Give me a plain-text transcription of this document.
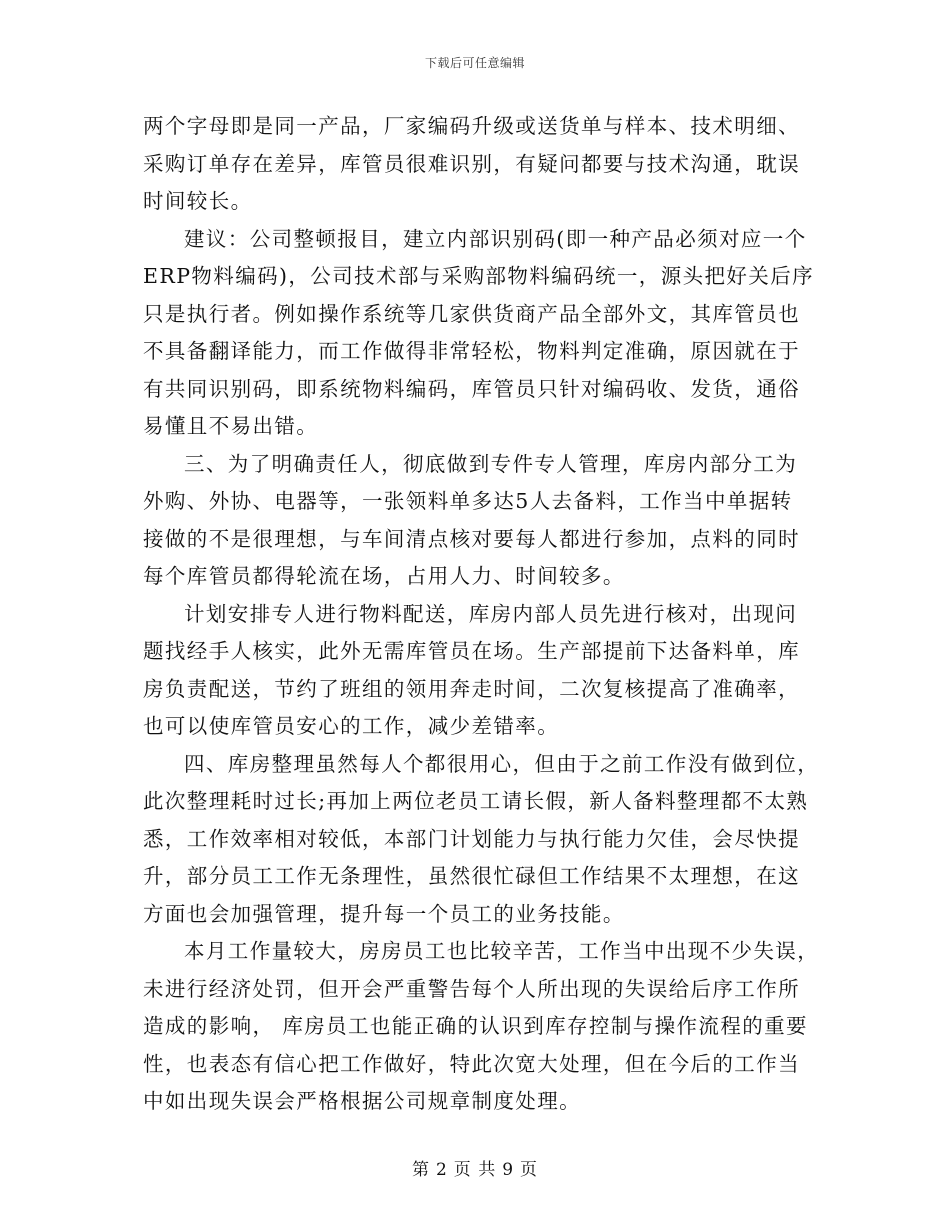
下载后可任意编辑
两个字母即是同一产品，厂家编码升级或送货单与样本、技术明细、
采购订单存在差异，库管员很难识别，有疑问都要与技术沟通，耽误
时间较长。
建议：公司整顿报目，建立内部识别码(即一种产品必须对应一个
ERP物料编码)，公司技术部与采购部物料编码统一，源头把好关后序
只是执行者。例如操作系统等几家供货商产品全部外文，其库管员也
不具备翻译能力，而工作做得非常轻松，物料判定准确，原因就在于
有共同识别码，即系统物料编码，库管员只针对编码收、发货，通俗
易懂且不易出错。
三、为了明确责任人，彻底做到专件专人管理，库房内部分工为
外购、外协、电器等，一张领料单多达5人去备料，工作当中单据转
接做的不是很理想，与车间清点核对要每人都进行参加，点料的同时
每个库管员都得轮流在场，占用人力、时间较多。
计划安排专人进行物料配送，库房内部人员先进行核对，出现问
题找经手人核实，此外无需库管员在场。生产部提前下达备料单，库
房负责配送，节约了班组的领用奔走时间，二次复核提高了准确率，
也可以使库管员安心的工作，减少差错率。
四、库房整理虽然每人个都很用心，但由于之前工作没有做到位，
此次整理耗时过长;再加上两位老员工请长假，新人备料整理都不太熟
悉，工作效率相对较低，本部门计划能力与执行能力欠佳，会尽快提
升，部分员工工作无条理性，虽然很忙碌但工作结果不太理想，在这
方面也会加强管理，提升每一个员工的业务技能。
本月工作量较大，房房员工也比较辛苦，工作当中出现不少失误，
未进行经济处罚，但开会严重警告每个人所出现的失误给后序工作所
造成的影响， 库房员工也能正确的认识到库存控制与操作流程的重要
性，也表态有信心把工作做好，特此次宽大处理，但在今后的工作当
中如出现失误会严格根据公司规章制度处理。
第 2 页 共 9 页
